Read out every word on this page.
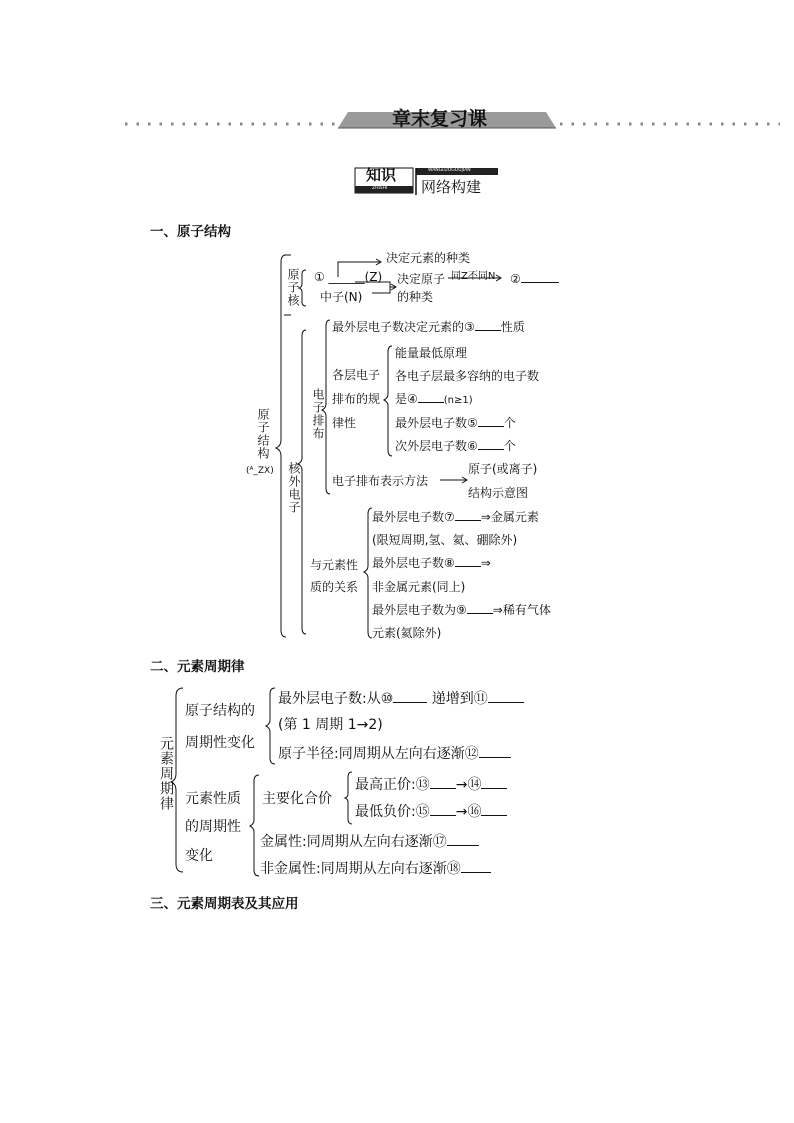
章末复习课
知识
ZHISHI
WANGLUOGOUJIAN
网络构建
一、原子结构
二、元素周期律
三、元素周期表及其应用
原子结构
(ᴬ_ZX)
原子核 ① ______(Z)
中子(N)
决定元素的种类
决定原子
的种类
同Z不同N ②
核外电子
电子排布
最外层电子数决定元素的③ 性质
各层电子
排布的规
律性
能量最低原理
各电子层最多容纳的电子数
是④	(n≥1)
最外层电子数⑤ 个
次外层电子数⑥ 个
电子排布表示方法
原子(或离子)
结构示意图
与元素性
质的关系
最外层电子数⑦ ⇒金属元素
(限短周期,氢、氦、硼除外)
最外层电子数⑧ ⇒
非金属元素(同上)
最外层电子数为⑨ ⇒稀有气体
元素(氦除外)
元素周期律
原子结构的
周期性变化
最外层电子数:从⑩	递增到⑪
(第 1 周期 1→2)
原子半径:同周期从左向右逐渐⑫
元素性质
的周期性
变化
主要化合价
最高正价:⑬ →⑭
最低负价:⑮ →⑯
金属性:同周期从左向右逐渐⑰
非金属性:同周期从左向右逐渐⑱
